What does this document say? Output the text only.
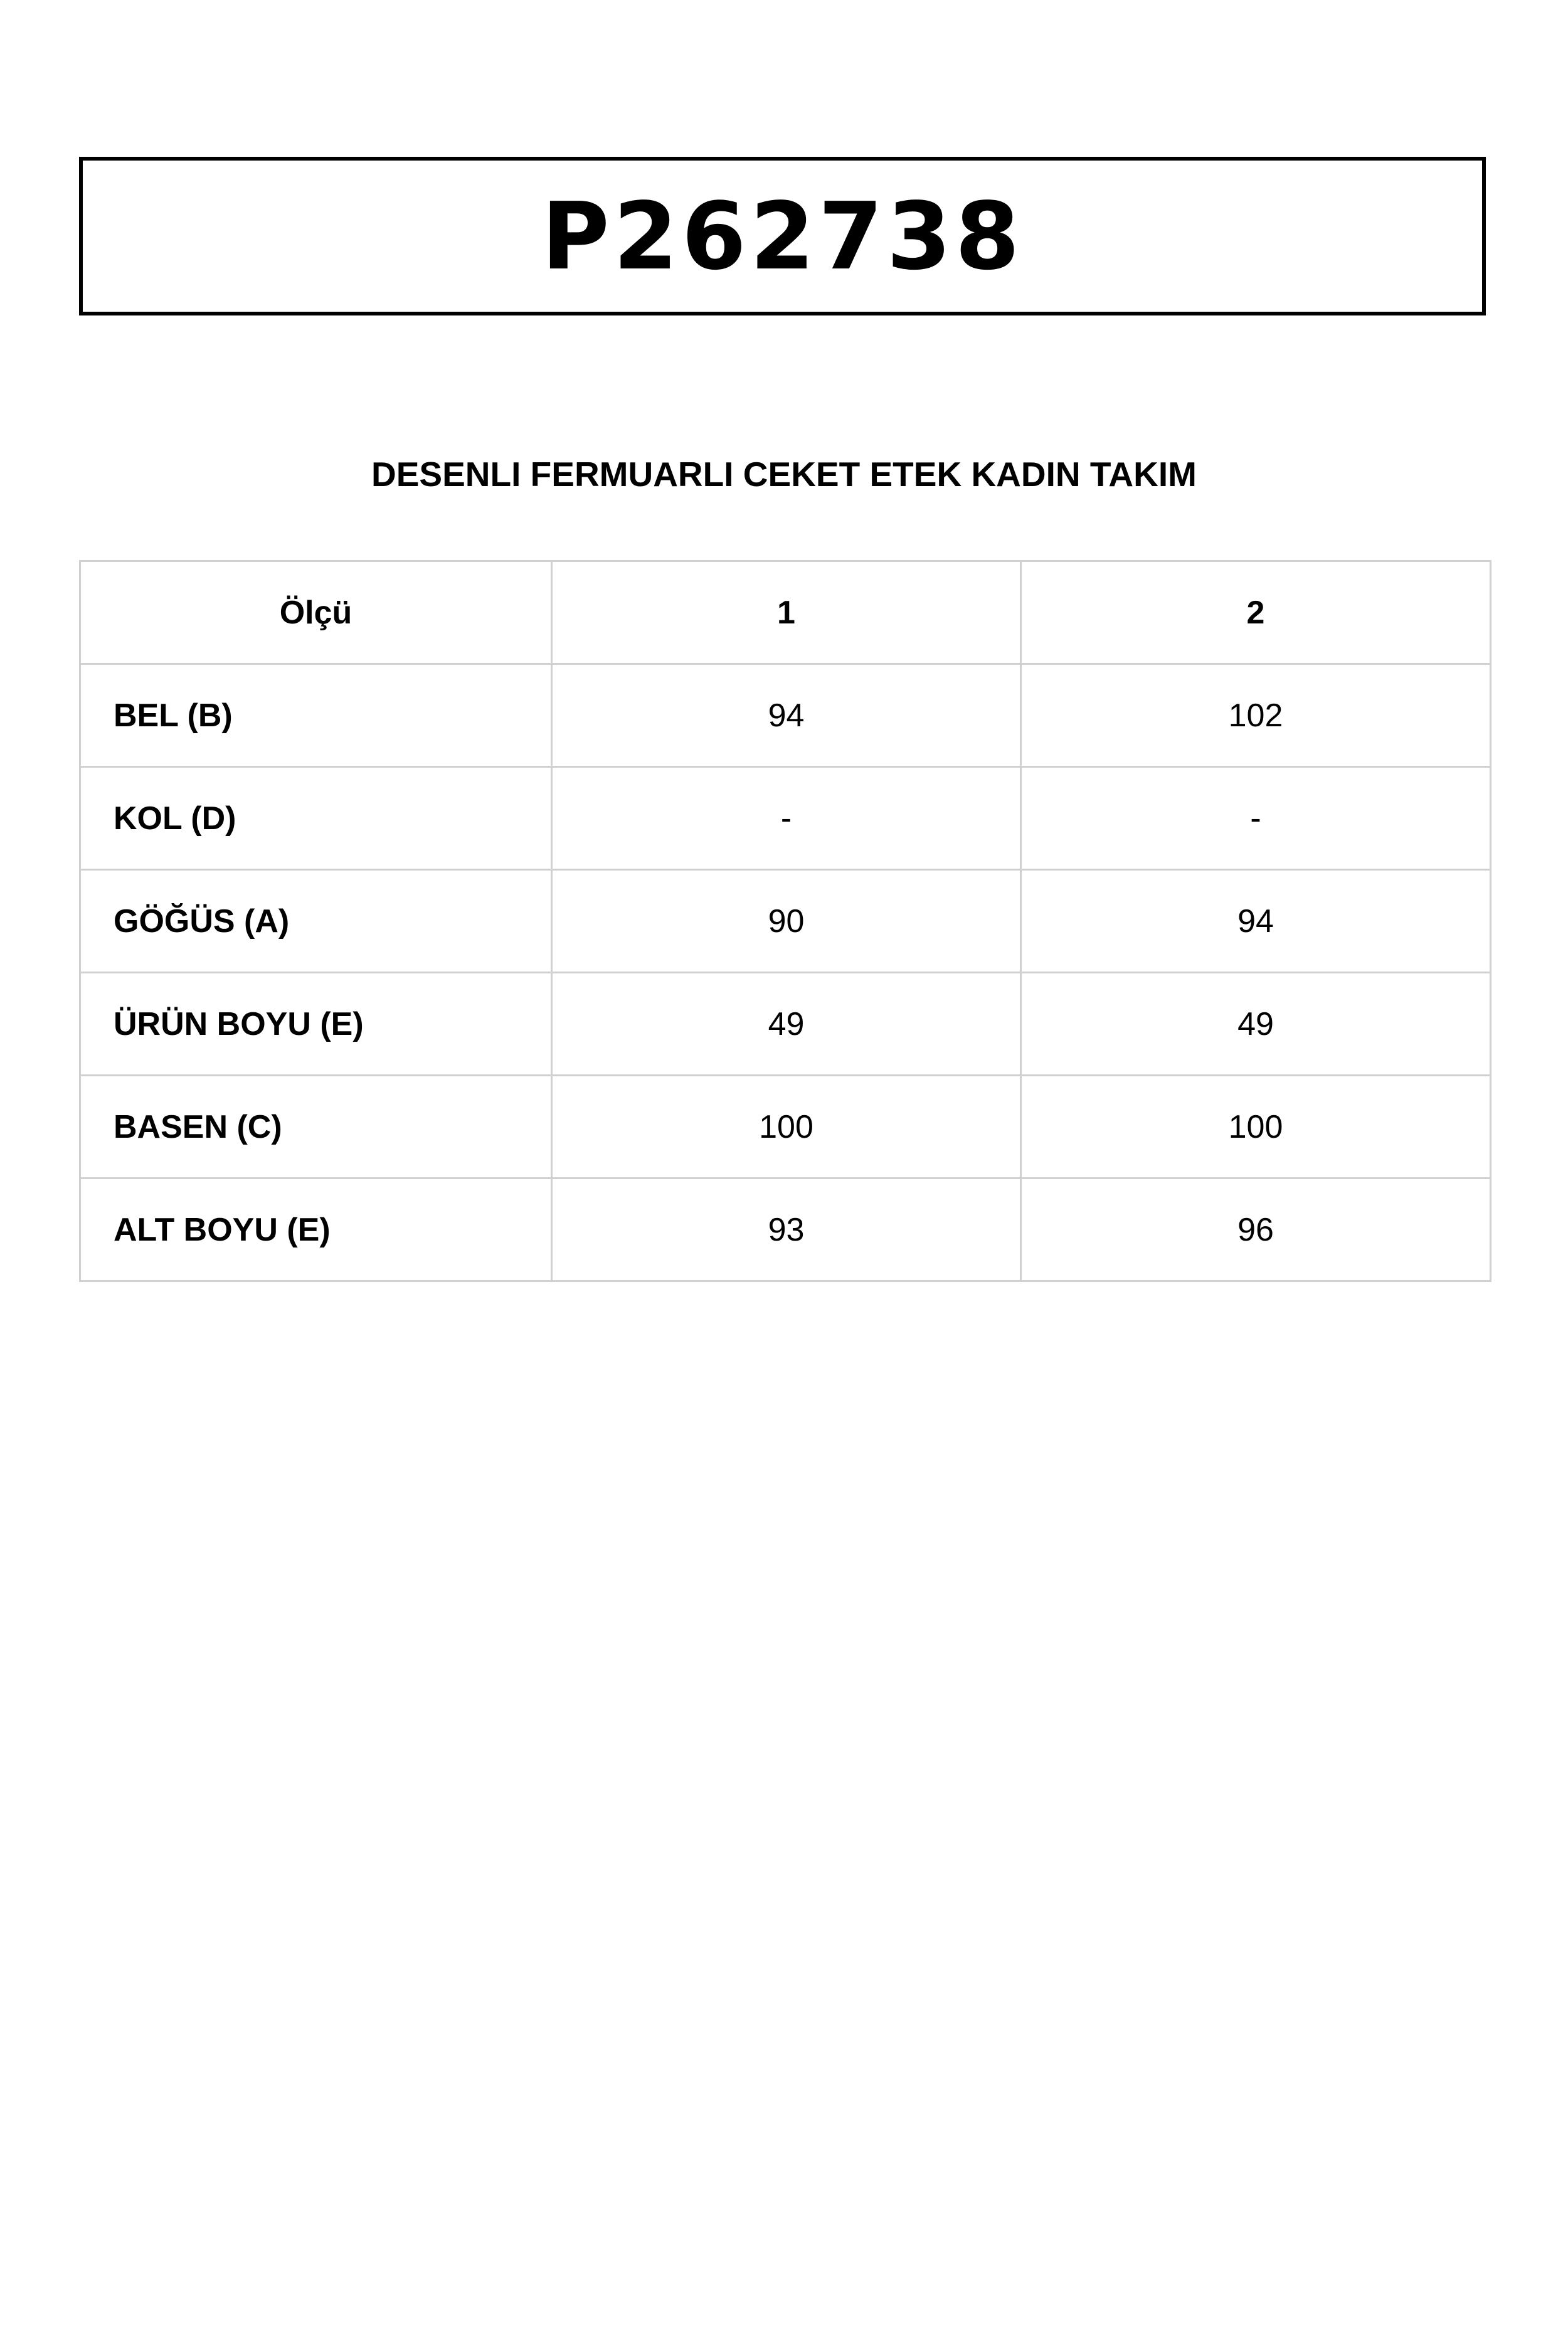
P262738
DESENLI FERMUARLI CEKET ETEK KADIN TAKIM
Ölçü	1	2
BEL (B)	94	102
KOL (D)	-	-
GÖĞÜS (A)	90	94
ÜRÜN BOYU (E)	49	49
BASEN (C)	100	100
ALT BOYU (E)	93	96
